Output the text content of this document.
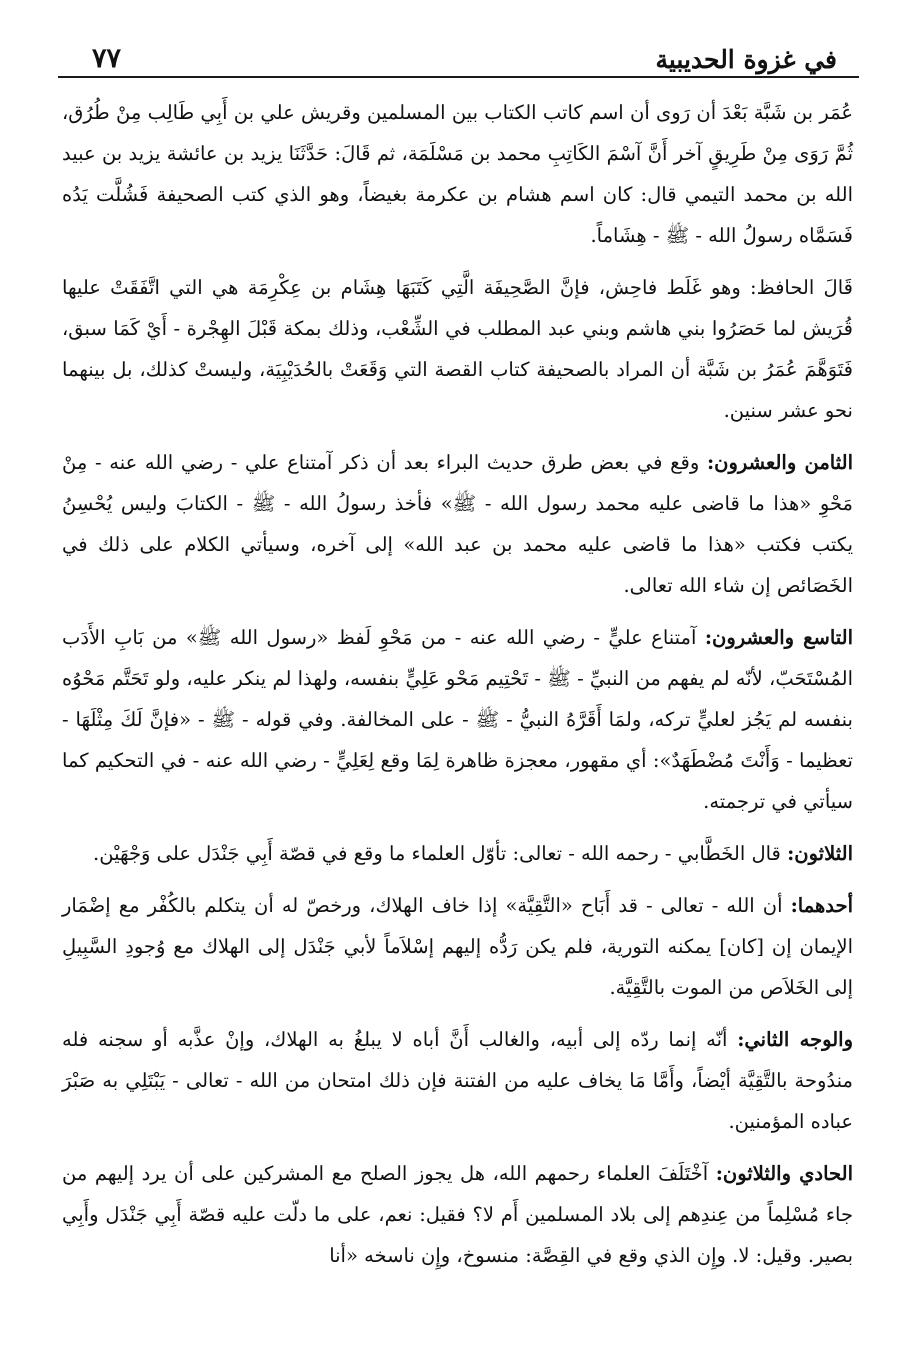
في غزوة الحديبية
٧٧

عُمَر بن شَبَّة بَعْدَ أن رَوى أن اسم كاتب الكتاب بين المسلمين وقريش علي بن أَبِي طَالِب مِنْ طُرُق، ثُمَّ رَوَى مِنْ طَرِيقٍ آخر أَنَّ آسْمَ الكَاتِبِ محمد بن مَسْلَمَة، ثم قَالَ: حَدَّثَنَا يزيد بن عائشة يزيد بن عبيد الله بن محمد التيمي قال: كان اسم هشام بن عكرمة بغيضاً، وهو الذي كتب الصحيفة فَشُلَّت يَدُه فَسَمَّاه رسولُ الله - ﷺ - هِشَاماً.

قَالَ الحافظ: وهو غَلَط فاحِش، فإنَّ الصَّحِيفَة الَّتِي كَتَبَهَا هِشَام بن عِكْرِمَة هي التي اتَّفَقَتْ عليها قُرَيش لما حَصَرُوا بني هاشم وبني عبد المطلب في الشِّعْب، وذلك بمكة قَبْلَ الهِجْرة - أَيْ كَمَا سبق، فَتَوَهَّمَ عُمَرُ بن شَبَّة أن المراد بالصحيفة كتاب القصة التي وَقَعَتْ بالحُدَيْبِيَة، وليستْ كذلك، بل بينهما نحو عشر سنين.

الثامن والعشرون: وقع في بعض طرق حديث البراء بعد أن ذكر آمتناع علي - رضي الله عنه - مِنْ مَحْوِ «هذا ما قاضى عليه محمد رسول الله - ﷺ» فأخذ رسولُ الله - ﷺ - الكتابَ وليس يُحْسِنُ يكتب فكتب «هذا ما قاضى عليه محمد بن عبد الله» إلى آخره، وسيأتي الكلام على ذلك في الخَصَائص إن شاء الله تعالى.

التاسع والعشرون: آمتناع عليٍّ - رضي الله عنه - من مَحْوِ لَفظ «رسول الله ﷺ» من بَابِ الأَدَب المُسْتَحَبّ، لأنّه لم يفهم من النبيِّ - ﷺ - تَحْتِيم مَحْو عَلِيٍّ بنفسه، ولهذا لم ينكر عليه، ولو تَحَتَّم مَحْوُه بنفسه لم يَجُز لعليٍّ تركه، ولمَا أَقَرَّهُ النبيُّ - ﷺ - على المخالفة. وفي قوله - ﷺ - «فإنَّ لَكَ مِثْلَهَا - تعظيما - وَأَنْتَ مُضْطَهَدٌ»: أي مقهور، معجزة ظاهرة لِمَا وقع لِعَلِيٍّ - رضي الله عنه - في التحكيم كما سيأتي في ترجمته.

الثلاثون: قال الخَطَّابي - رحمه الله - تعالى: تأوّل العلماء ما وقع في قصّة أَبِي جَنْدَل على وَجْهَيْن.

أحدهما: أن الله - تعالى - قد أَبَاح «التَّقِيَّة» إذا خاف الهلاك، ورخصّ له أن يتكلم بالكُفْر مع إضْمَار الإيمان إن [كان] يمكنه التورية، فلم يكن رَدُّه إليهم إسْلاَماً لأبي جَنْدَل إلى الهلاك مع وُجودِ السَّبِيلِ إلى الخَلاَص من الموت بالتَّقِيَّة.

والوجه الثاني: أنّه إنما ردّه إلى أبيه، والغالب أَنَّ أباه لا يبلغُ به الهلاك، وإنْ عذَّبه أو سجنه فله مندُوحة بالتَّقِيَّة أيْضاً، وأَمَّا مَا يخاف عليه من الفتنة فإن ذلك امتحان من الله - تعالى - يَبْتَلِي به صَبْرَ عباده المؤمنين.

الحادي والثلاثون: آخْتَلَفَ العلماء رحمهم الله، هل يجوز الصلح مع المشركين على أن يرد إليهم من جاء مُسْلِماً من عِندِهم إلى بلاد المسلمين أَم لا؟ فقيل: نعم، على ما دلّت عليه قصّة أَبِي جَنْدَل وأَبِي بصير. وقيل: لا. وإِن الذي وقع في القِصَّة: منسوخ، وإِن ناسخه «أنا
